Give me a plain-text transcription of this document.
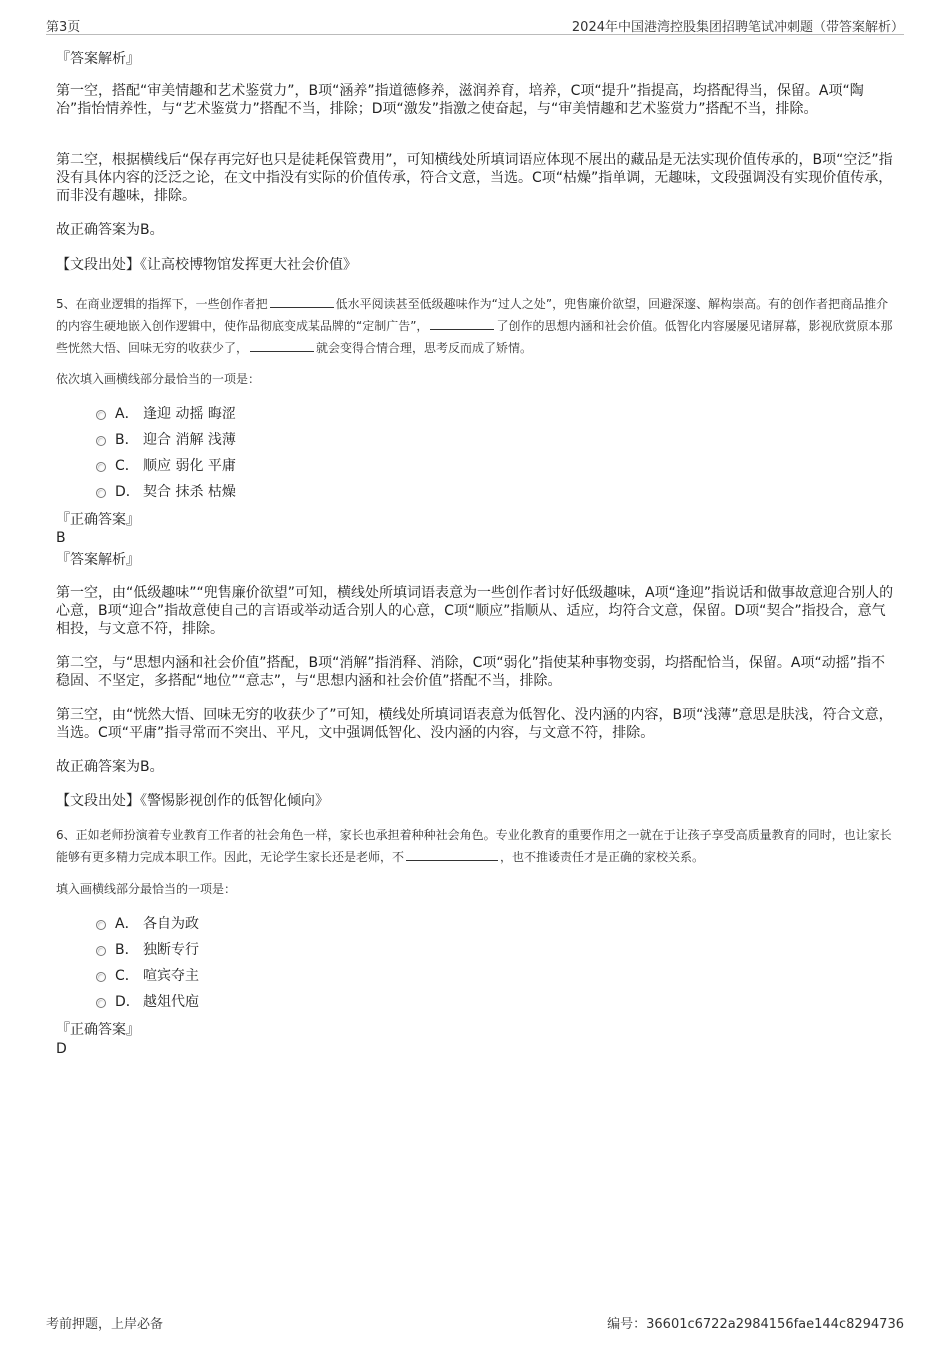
第3页	2024年中国港湾控股集团招聘笔试冲刺题（带答案解析）

『答案解析』

第一空，搭配“审美情趣和艺术鉴赏力”，B项“涵养”指道德修养，滋润养育，培养，C项“提升”指提高，均搭配得当，保留。A项“陶冶”指怡情养性，与“艺术鉴赏力”搭配不当，排除；D项“激发”指激之使奋起，与“审美情趣和艺术鉴赏力”搭配不当，排除。

第二空，根据横线后“保存再完好也只是徒耗保管费用”，可知横线处所填词语应体现不展出的藏品是无法实现价值传承的，B项“空泛”指没有具体内容的泛泛之论，在文中指没有实际的价值传承，符合文意，当选。C项“枯燥”指单调，无趣味，文段强调没有实现价值传承，而非没有趣味，排除。

故正确答案为B。

【文段出处】《让高校博物馆发挥更大社会价值》

5、在商业逻辑的指挥下，一些创作者把	低水平阅读甚至低级趣味作为“过人之处”，兜售廉价欲望，回避深邃、解构崇高。有的创作者把商品推介的内容生硬地嵌入创作逻辑中，使作品彻底变成某品牌的“定制广告”，	了创作的思想内涵和社会价值。低智化内容屡屡见诸屏幕，影视欣赏原本那些恍然大悟、回味无穷的收获少了，	就会变得合情合理，思考反而成了矫情。

依次填入画横线部分最恰当的一项是：

A． 逢迎 动摇 晦涩
B． 迎合 消解 浅薄
C． 顺应 弱化 平庸
D． 契合 抹杀 枯燥

『正确答案』

B

『答案解析』

第一空，由“低级趣味”“兜售廉价欲望”可知，横线处所填词语表意为一些创作者讨好低级趣味，A项“逢迎”指说话和做事故意迎合别人的心意，B项“迎合”指故意使自己的言语或举动适合别人的心意，C项“顺应”指顺从、适应，均符合文意，保留。D项“契合”指投合，意气相投，与文意不符，排除。

第二空，与“思想内涵和社会价值”搭配，B项“消解”指消释、消除，C项“弱化”指使某种事物变弱，均搭配恰当，保留。A项“动摇”指不稳固、不坚定，多搭配“地位”“意志”，与“思想内涵和社会价值”搭配不当，排除。

第三空，由“恍然大悟、回味无穷的收获少了”可知，横线处所填词语表意为低智化、没内涵的内容，B项“浅薄”意思是肤浅，符合文意，当选。C项“平庸”指寻常而不突出、平凡，文中强调低智化、没内涵的内容，与文意不符，排除。

故正确答案为B。

【文段出处】《警惕影视创作的低智化倾向》

6、正如老师扮演着专业教育工作者的社会角色一样，家长也承担着种种社会角色。专业化教育的重要作用之一就在于让孩子享受高质量教育的同时，也让家长能够有更多精力完成本职工作。因此，无论学生家长还是老师，不	，也不推诿责任才是正确的家校关系。

填入画横线部分最恰当的一项是：

A． 各自为政
B． 独断专行
C． 喧宾夺主
D． 越俎代庖

『正确答案』

D

考前押题，上岸必备	编号：36601c6722a2984156fae144c8294736
